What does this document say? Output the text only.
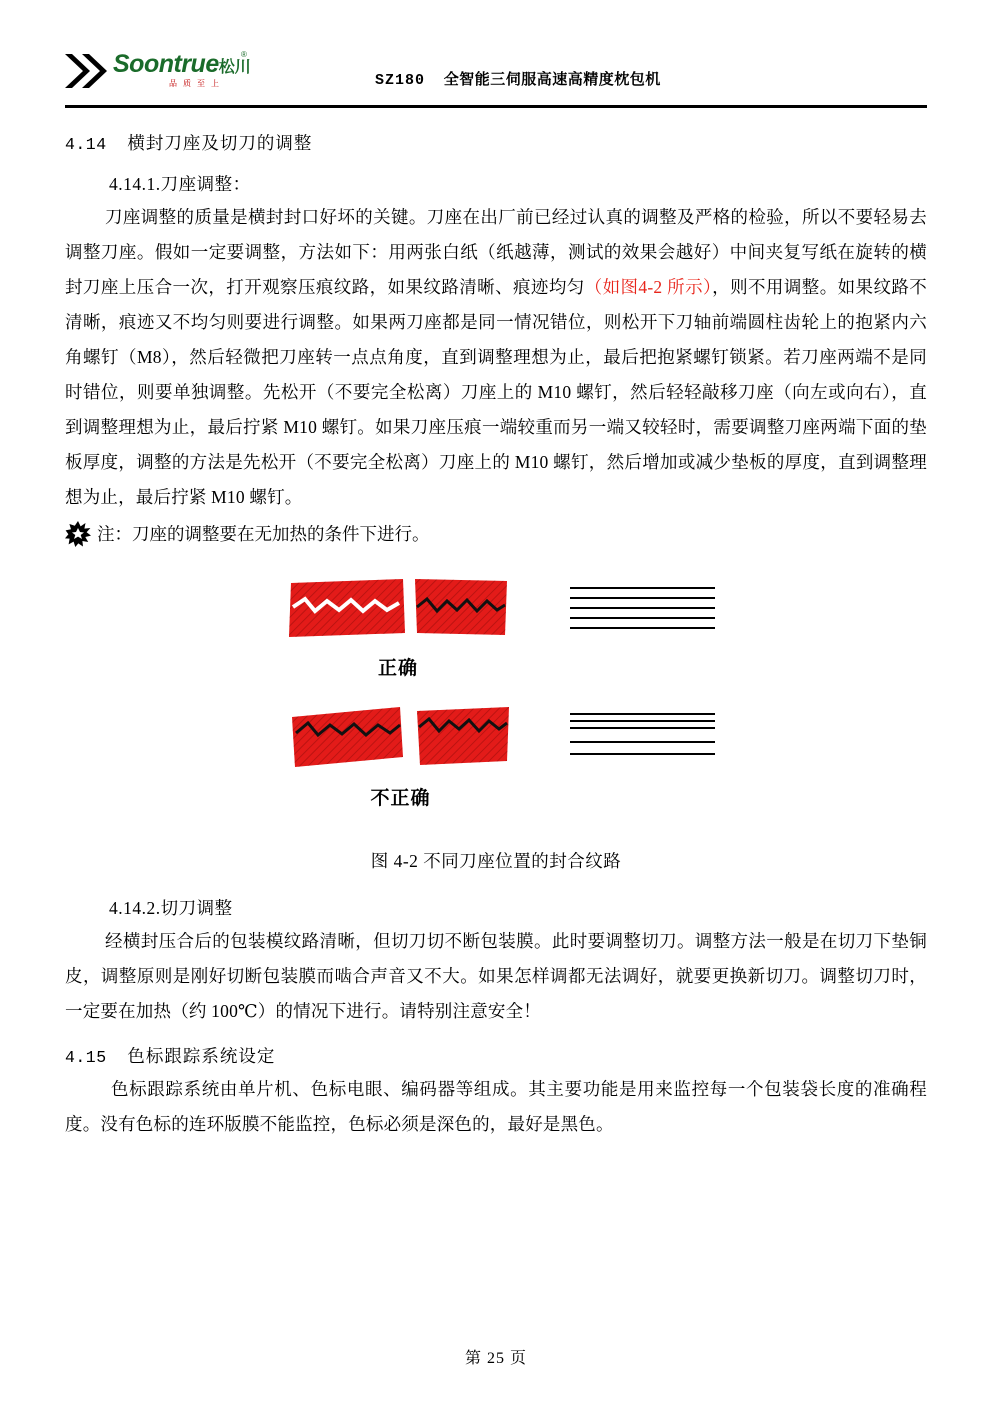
Soontrue松川
®
品 质 至 上	SZ180 全智能三伺服高速高精度枕包机
4.14 横封刀座及切刀的调整
4.14.1.刀座调整：

刀座调整的质量是横封封口好坏的关键。刀座在出厂前已经过认真的调整及严格的检验，所以不要轻易去调整刀座。假如一定要调整，方法如下：用两张白纸（纸越薄，测试的效果会越好）中间夹复写纸在旋转的横封刀座上压合一次，打开观察压痕纹路，如果纹路清晰、痕迹均匀（如图4-2 所示），则不用调整。如果纹路不清晰，痕迹又不均匀则要进行调整。如果两刀座都是同一情况错位，则松开下刀轴前端圆柱齿轮上的抱紧内六角螺钉（M8），然后轻微把刀座转一点点角度，直到调整理想为止，最后把抱紧螺钉锁紧。若刀座两端不是同时错位，则要单独调整。先松开（不要完全松离）刀座上的 M10 螺钉，然后轻轻敲移刀座（向左或向右），直到调整理想为止，最后拧紧 M10 螺钉。如果刀座压痕一端较重而另一端又较轻时，需要调整刀座两端下面的垫板厚度，调整的方法是先松开（不要完全松离）刀座上的 M10 螺钉，然后增加或减少垫板的厚度，直到调整理想为止，最后拧紧 M10 螺钉。

注：刀座的调整要在无加热的条件下进行。
正确
不正确
图 4-2 不同刀座位置的封合纹路
4.14.2.切刀调整

经横封压合后的包装模纹路清晰，但切刀切不断包装膜。此时要调整切刀。调整方法一般是在切刀下垫铜皮，调整原则是刚好切断包装膜而啮合声音又不大。如果怎样调都无法调好，就要更换新切刀。调整切刀时，一定要在加热（约 100℃）的情况下进行。请特别注意安全！

4.15 色标跟踪系统设定

色标跟踪系统由单片机、色标电眼、编码器等组成。其主要功能是用来监控每一个包装袋长度的准确程度。没有色标的连环版膜不能监控，色标必须是深色的，最好是黑色。

第 25 页
